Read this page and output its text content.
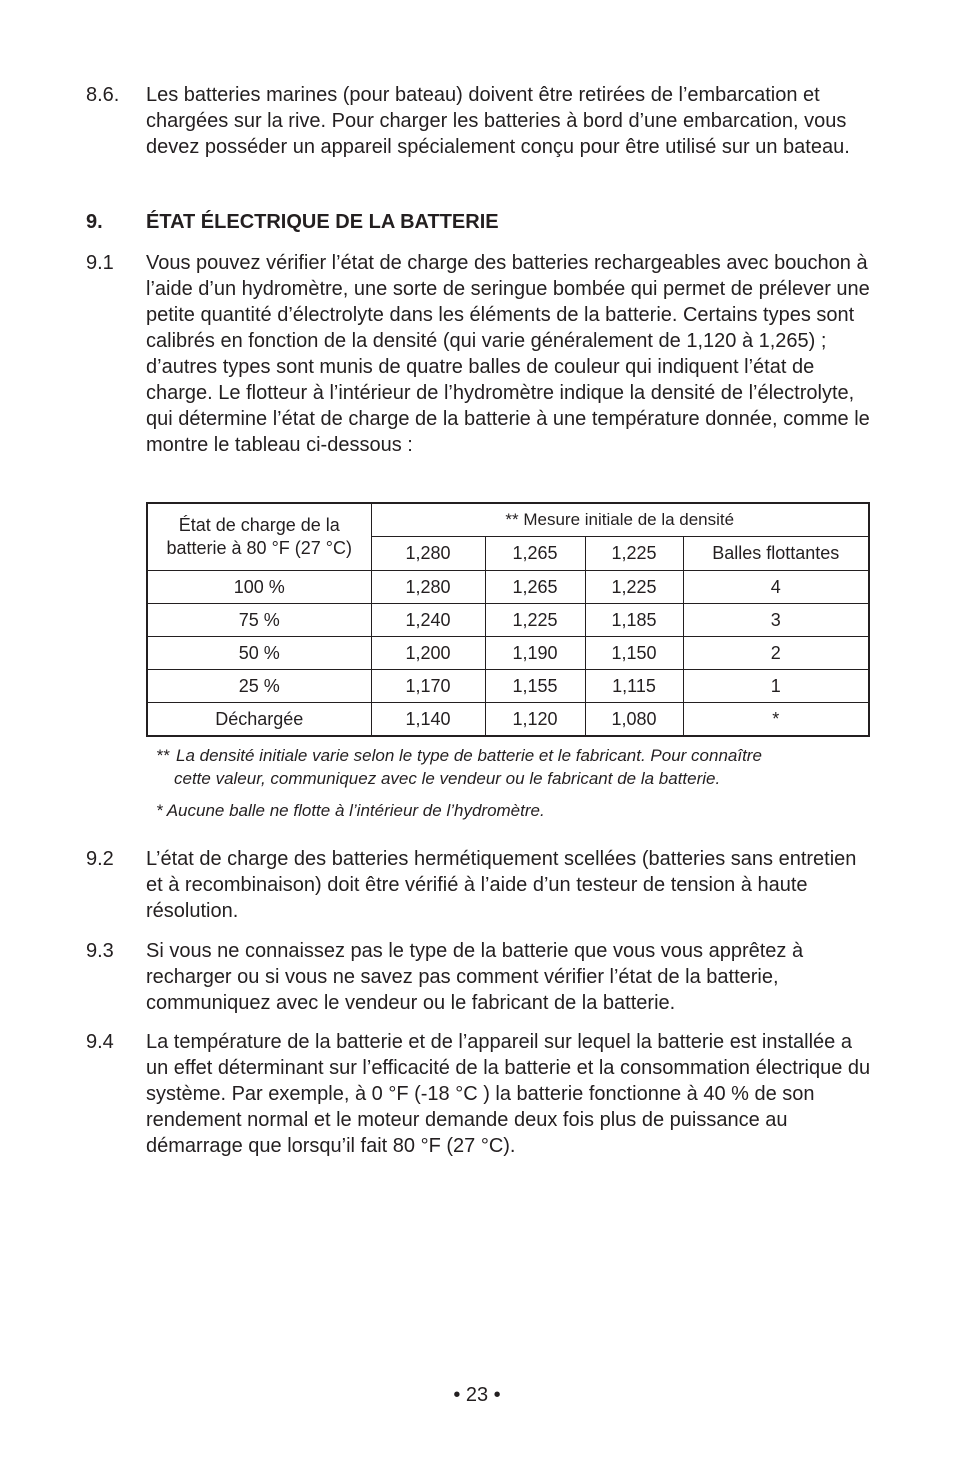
8.6. Les batteries marines (pour bateau) doivent être retirées de l’embarcation et chargées sur la rive. Pour charger les batteries à bord d’une embarcation, vous devez posséder un appareil spécialement conçu pour être utilisé sur un bateau.
9. ÉTAT ÉLECTRIQUE DE LA BATTERIE
9.1 Vous pouvez vérifier l’état de charge des batteries rechargeables avec bouchon à l’aide d’un hydromètre, une sorte de seringue bombée qui permet de prélever une petite quantité d’électrolyte dans les éléments de la batterie. Certains types sont calibrés en fonction de la densité (qui varie généralement de 1,120 à 1,265) ; d’autres types sont munis de quatre balles de couleur qui indiquent l’état de charge. Le flotteur à l’intérieur de l’hydromètre indique la densité de l’électrolyte, qui détermine l’état de charge de la batterie à une température donnée, comme le montre le tableau ci-dessous :
État de charge de la
batterie à 80 °F (27 °C)	** Mesure initiale de la densité			
	1,280	1,265	1,225	Balles flottantes
100 %	1,280	1,265	1,225	4
75 %	1,240	1,225	1,185	3
50 %	1,200	1,190	1,150	2
25 %	1,170	1,155	1,115	1
Déchargée	1,140	1,120	1,080	*
** La densité initiale varie selon le type de batterie et le fabricant. Pour connaître
cette valeur, communiquez avec le vendeur ou le fabricant de la batterie.
* Aucune balle ne flotte à l’intérieur de l’hydromètre.
9.2 L’état de charge des batteries hermétiquement scellées (batteries sans entretien et à recombinaison) doit être vérifié à l’aide d’un testeur de tension à haute résolution.
9.3 Si vous ne connaissez pas le type de la batterie que vous vous apprêtez à recharger ou si vous ne savez pas comment vérifier l’état de la batterie, communiquez avec le vendeur ou le fabricant de la batterie.
9.4 La température de la batterie et de l’appareil sur lequel la batterie est installée a un effet déterminant sur l’efficacité de la batterie et la consommation électrique du système. Par exemple, à 0 °F (-18 °C ) la batterie fonctionne à 40 % de son rendement normal et le moteur demande deux fois plus de puissance au démarrage que lorsqu’il fait 80 °F (27 °C).
• 23 •
